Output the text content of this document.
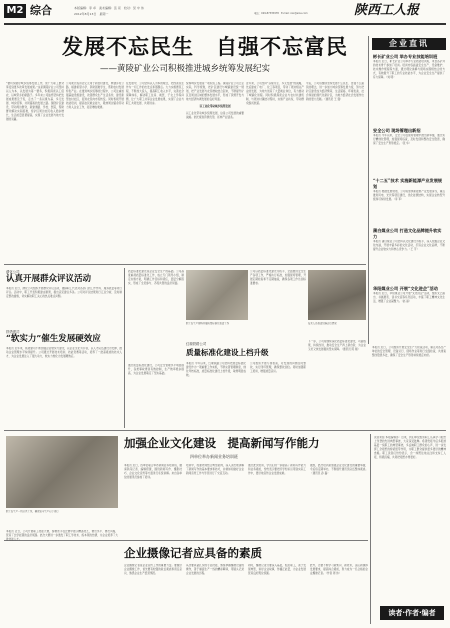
M2 综合	本版编辑：李 卓　美术编辑：张 亮　校对：吴 中 伟
2012年8月13日　星期一	陕西工人报
电话：029-87335978　E-mail: xxx@sina.com
发展不忘民生　自强不忘富民
——黄陵矿业公司积极推进城乡统筹发展纪实
“要切实做好城乡统筹发展工作，使广大职工群众享受到更多改革发展成果。”这是黄陵矿业公司坚持以人为本、以发展为第一要务，积极探索以工促农、以城带乡的新路子。多年来公司始终坚持把发展成果惠及于民，走出了一条以煤为基、多元发展、城乡统筹、共同富裕的发展之路。围绕矿区建设，带动周边群众，新建道路、学校、医院，帮助群众解决实际困难，使矿区周边农民收入稳步增长，生活质量显著提高，实现了企业发展与地方发展的双赢。
公司累计投资近亿元用于新农村建设，修建乡村公路、援建希望小学、资助困难学生，帮助农村发展特色产业。在推进城乡统筹的过程中，公司注重加强基础设施建设，改善群众生产生活条件，建设新型农村社区，促进农民向市民转变。同时积极开展技能培训，提高农民就业能力，吸纳周边富余劳动力进入企业工作，拓宽增收渠道。
在发展中，公司坚持以人为本的理念，把改善民生作为一切工作的出发点和落脚点。大力实施惠民工程，不断加大投入，提高职工收入水平，完善社会保障体系，解决职工住房、就医、子女上学等问题，让广大职工共享企业发展成果，实现了企业与职工共同发展、共同进步。
统筹城乡发展是一项系统工程。黄陵矿业公司立足实际，科学规划，把矿区建设与城镇建设统一规划，把产业发展与农民增收结合起来，不断提升矿区及周边区域的整体发展水平，形成了资源开发与地方经济协调发展的良好局面。
以工业化带动城乡统筹发展
以工业化带动城乡统筹发展，这是公司发展的重要战略。依托煤炭资源优势，延伸产业链条。
近年来，公司坚持“以煤为主、多元发展”的战略，先后建成了电厂、化工等项目，带动了周边相关产业的发展，为地方创造了大量就业岗位，有力推动了城镇化进程。同时积极探索企业与农村共建机制，与周边村镇结对帮扶，实施产业扶贫，带动群众脱贫致富。
今后，公司将继续坚持发展不忘民生、自强不忘富民的理念，进一步加大城乡统筹发展力度，努力把矿区建设成为经济繁荣、生活富裕、环境优美、社会和谐的现代化新矿区，为地方经济社会发展作出新的更大贡献。（通讯员 王 强）
企业直讯
彬长矿业公司 举办专业技能培训班
本报讯 近日，彬长矿业公司举办专业技能培训班，来自各矿井的技术骨干参加了培训。培训内容涵盖安全生产、设备维护、技术操作规程等方面，通过理论讲解与现场实践相结合的方式，有效提升了职工的专业技能水平，为企业安全生产提供了有力保障。（刘 明）
安全公司 现场管理出新招
本报讯 今年以来，安全公司在现场管理中推出新举措，通过实行精细化管理，加强现场巡查，及时发现和整改安全隐患，确保了安全生产形势稳定。（张 华）
“十二五”技术 实施新能源产业发展规划
本报讯 根据发展规划，公司将加快新能源产业发展步伐，重点推进风电、光伏等项目建设，优化能源结构，实现企业转型升级和可持续发展。（李 军）
蒲白煤业公司 打造文化品牌提升软实力
本报讯 蒲白煤业公司坚持以文化建设为抓手，深入挖掘企业文化内涵，开展丰富多彩的文化活动，打造企业文化品牌，不断提升企业软实力和核心竞争力。（王 芳）
华阳煤业公司 开展“文化进企”活动
本报讯 近日，华阳煤业公司开展“文化进企”活动，组织文艺演出、书画展览、读书交流等系列活动，丰富了职工精神文化生活，增强了企业凝聚力。（赵 丽）
渭化公司
认真开展群众评议活动
本报讯 近日，渭化公司组织开展群众评议活动，邀请职工代表对各部门的工作作风、服务质量等进行评议。活动中，职工代表积极建言献策，提出意见建议多条。公司对评议结果进行汇总分析，及时制定整改措施，切实解决职工关心的热点难点问题。
铁塔建司
“软实力”催生发展硬效应
本报讯 近年来，铁塔建司不断加强企业软实力建设，以企业文化为引领，以人才队伍建设为支撑，推动企业管理水平持续提升。公司通过开展技术培训、技能竞赛等活动，培养了一批高素质的技术人才，为企业发展注入了强大动力，软实力转化为发展硬效应。
质量标准化建设是企业安全生产的基础。公司高度重视质量标准化工作，成立专门领导小组，制定实施方案，明确工作目标和责任，层层分解落实，形成了全员参与、齐抓共管的良好局面。
职工在生产现场开展质量标准化检查工作
公司以质量标准化建设为抓手，全面推进安全生产各项工作，严格执行标准，加强现场管理，开展定期检查和不定期抽查，确保各项工作达到标准要求。
技术人员检查设备运行情况
红塬铁路公司
质量标准化建设上档升级
通过质量标准化建设，公司安全管理水平明显提升，各类事故得到有效控制，生产效率稳步提高，为企业发展奠定了坚实基础。
本报讯 今年以来，红塬铁路公司坚持把质量标准化建设作为一项重要工作来抓，不断完善管理制度，细化考核标准，质量标准化建设上档升级，取得明显成效。
公司组织开展专项检查，对发现的问题及时整改，实行闭环管理，确保整改到位。同时加强职工培训，增强质量意识。
下一步，公司将继续深化质量标准化建设，巩固成果，持续改进，推动安全生产再上新台阶，为企业又好又快发展提供坚实保障。（通讯员 陈 刚）
本报讯 近日，公司组织开展安全生产大检查活动，重点对各生产单位的安全管理、设备运行、现场作业等进行全面检查，共排查整改隐患多处，确保了安全生产形势持续稳定向好。
职工在生产一线认真工作，确保安全生产有序进行
加强企业文化建设　提高新闻写作能力
四单位举办新闻业务培训班
本报讯 近日，四单位联合举办新闻业务培训班，邀请资深记者、编辑授课，围绕新闻写作、摄影技巧、企业文化宣传等方面进行系统讲解。来自各单位的通讯员参加了培训。
培训中，授课老师结合典型案例，深入浅出地讲解了新闻写作的基本要求和技巧，并就如何做好企业新闻宣传工作与学员进行了交流互动。
通过此次培训，学员们进一步提高了新闻写作能力和业务素质，纷纷表示要把所学知识运用到实际工作中，更好地宣传企业发展成就。
据悉，此次培训是加强企业文化建设的重要举措，今后将定期举办，不断提升通讯员队伍整体素质。（通讯员 孙 磊）
读者来信 本报编辑部：近来，我们单位组织职工认真学习报纸上刊登的先进典型事迹，大家深受鼓舞。希望贵报今后多报道基层一线职工的典型事迹，多反映职工群众的心声，进一步发挥工会报纸的桥梁纽带作用，为职工群众提供更多更好的精神食粮。职工读者们纷纷表示，会一如既往地关注和支持工人报，积极投稿，共同把报纸办得更好。
读者·作者·编者
本报讯 近日，公司开展职工技能大赛，参赛选手在比赛中展示精湛技艺，赛出水平、赛出风格，营造了比学赶超的良好氛围。此次大赛进一步激发了职工学技术、练本领的热情，为企业培养了大批技能人才。
企业摄像记者应具备的素质
企业摄像记者是企业宣传工作的重要力量。要做好企业摄像工作，首先要有较强的政治素质和责任意识，熟悉企业生产经营情况。
其次要具备扎实的专业技能，熟练掌握摄像设备的操作，善于捕捉生产一线的精彩瞬间，用镜头记录企业发展的历程。
同时，摄像记者还要深入基层，贴近职工，善于发现典型，讲好企业故事，传播正能量，为企业发展营造良好舆论氛围。
此外，还要不断学习新知识、新技术，适应新媒体发展要求，提高综合素质，努力成为一名合格的企业摄像记者。（作者 周 伟）
